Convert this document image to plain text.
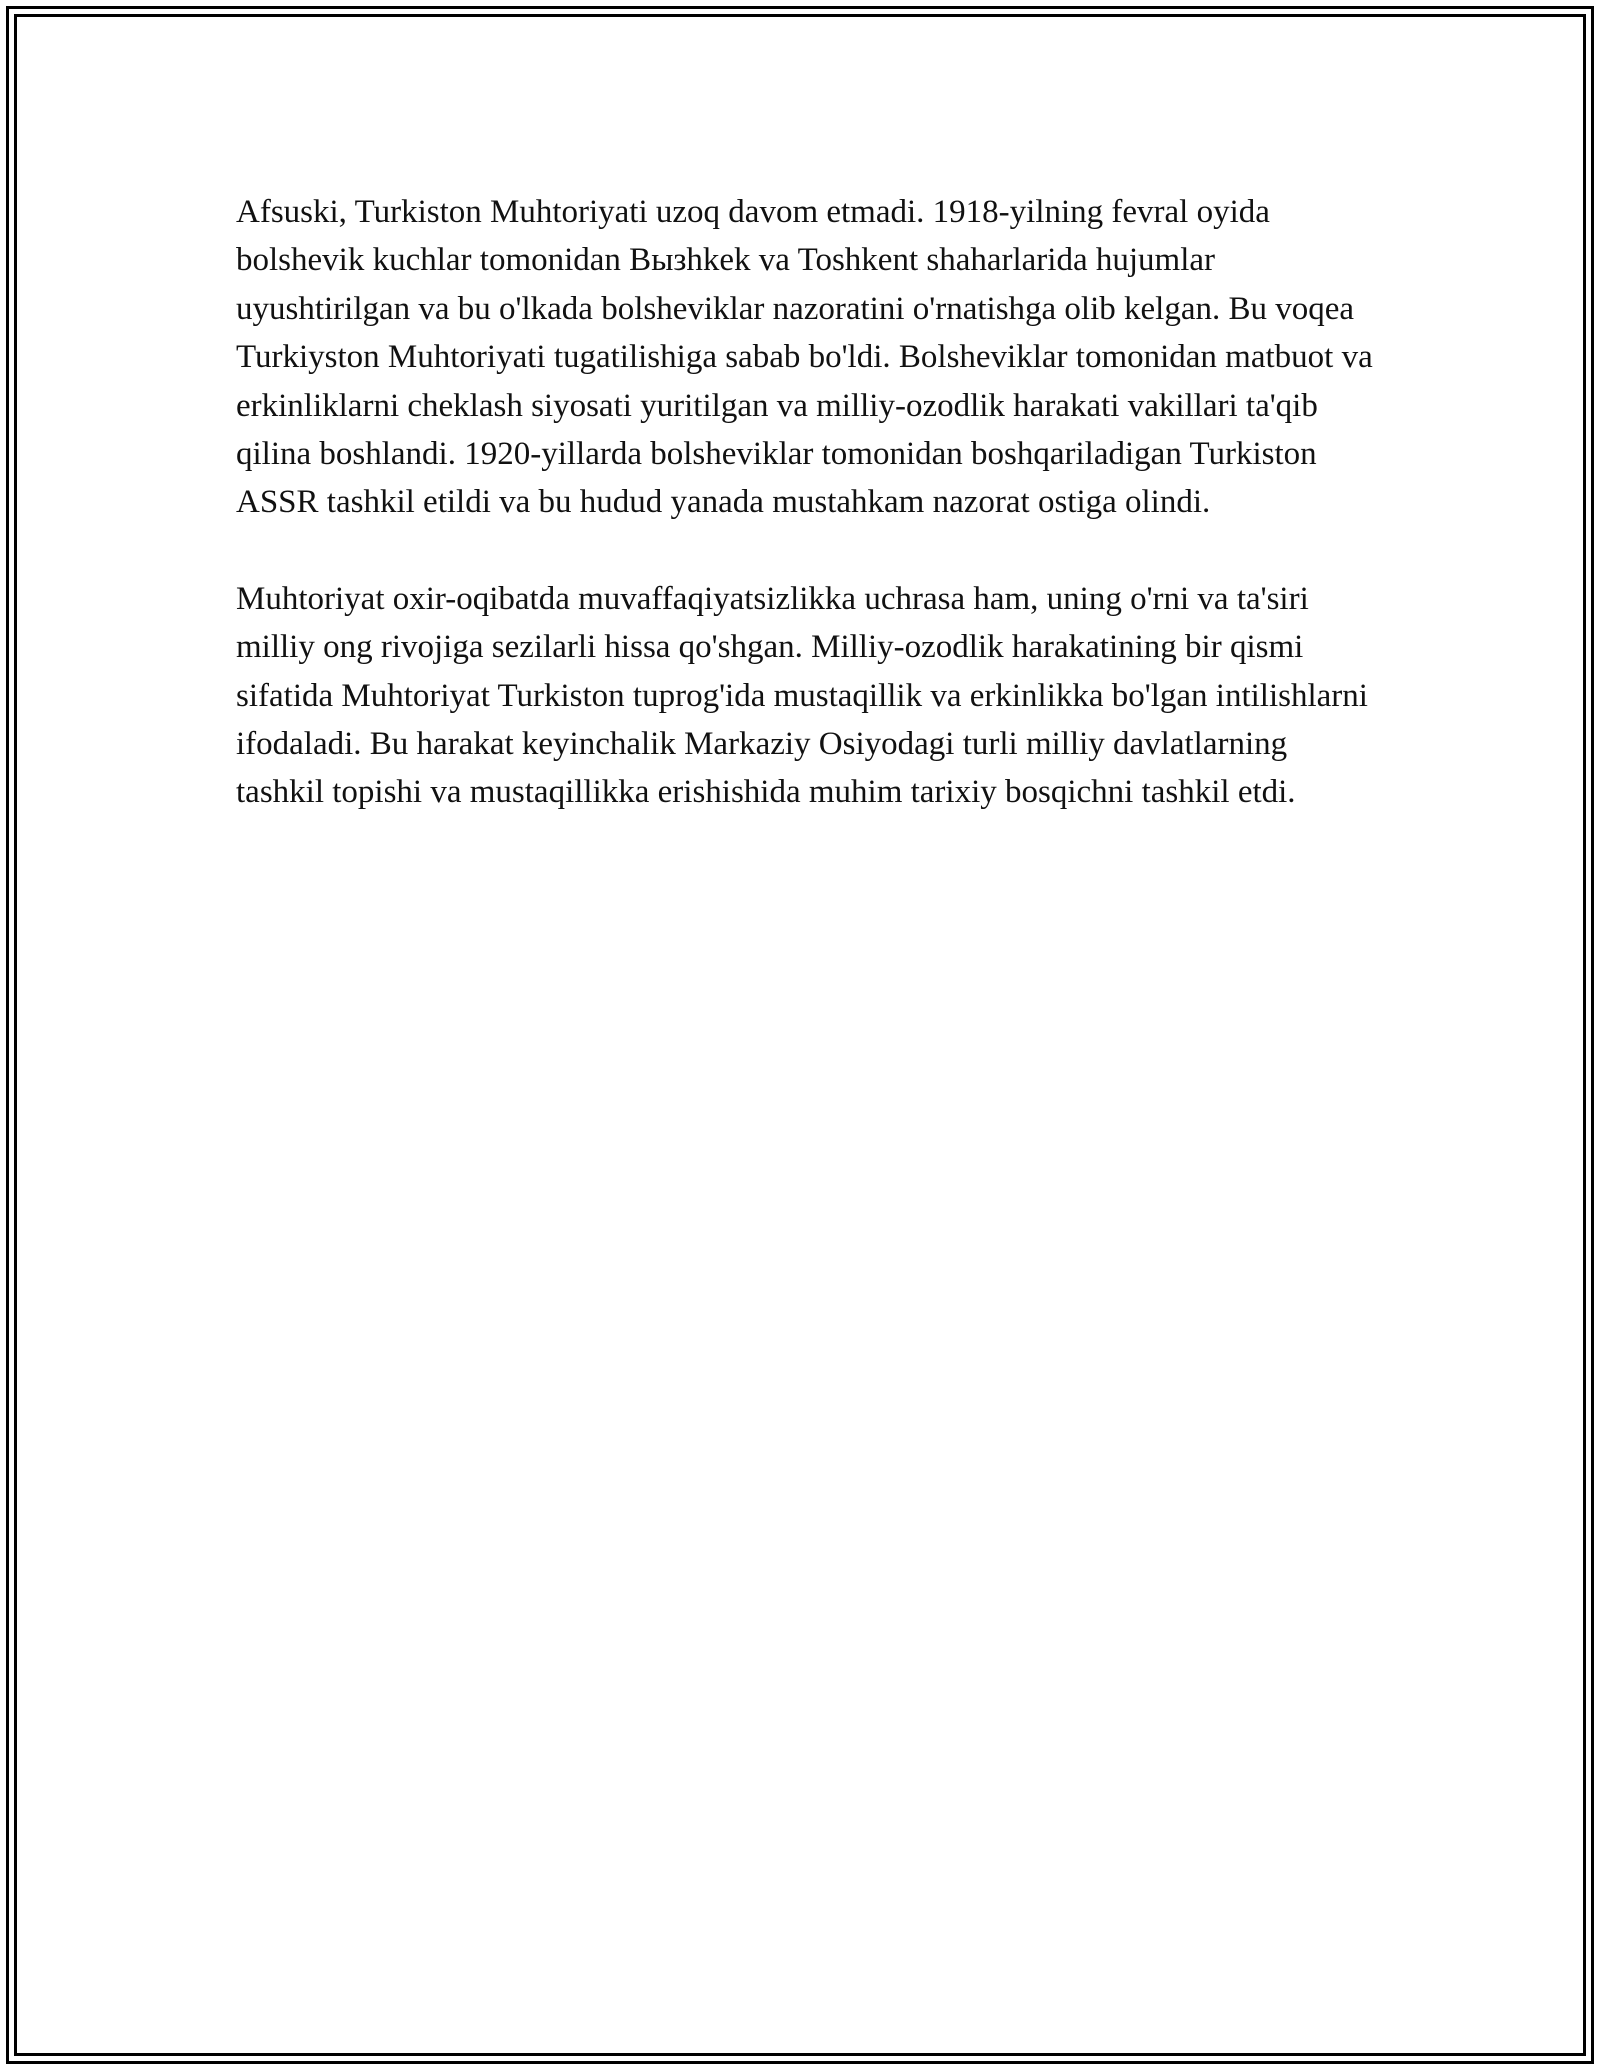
Afsuski, Turkiston Muhtoriyati uzoq davom etmadi. 1918-yilning fevral oyida bolshevik kuchlar tomonidan Вызhkek va Toshkent shaharlarida hujumlar uyushtirilgan va bu o'lkada bolsheviklar nazoratini o'rnatishga olib kelgan. Bu voqea Turkiyston Muhtoriyati tugatilishiga sabab bo'ldi. Bolsheviklar tomonidan matbuot va erkinliklarni cheklash siyosati yuritilgan va milliy-ozodlik harakati vakillari ta'qib qilina boshlandi. 1920-yillarda bolsheviklar tomonidan boshqariladigan Turkiston ASSR tashkil etildi va bu hudud yanada mustahkam nazorat ostiga olindi.

Muhtoriyat oxir-oqibatda muvaffaqiyatsizlikka uchrasa ham, uning o'rni va ta'siri milliy ong rivojiga sezilarli hissa qo'shgan. Milliy-ozodlik harakatining bir qismi sifatida Muhtoriyat Turkiston tuprog'ida mustaqillik va erkinlikka bo'lgan intilishlarni ifodaladi. Bu harakat keyinchalik Markaziy Osiyodagi turli milliy davlatlarning tashkil topishi va mustaqillikka erishishida muhim tarixiy bosqichni tashkil etdi.
